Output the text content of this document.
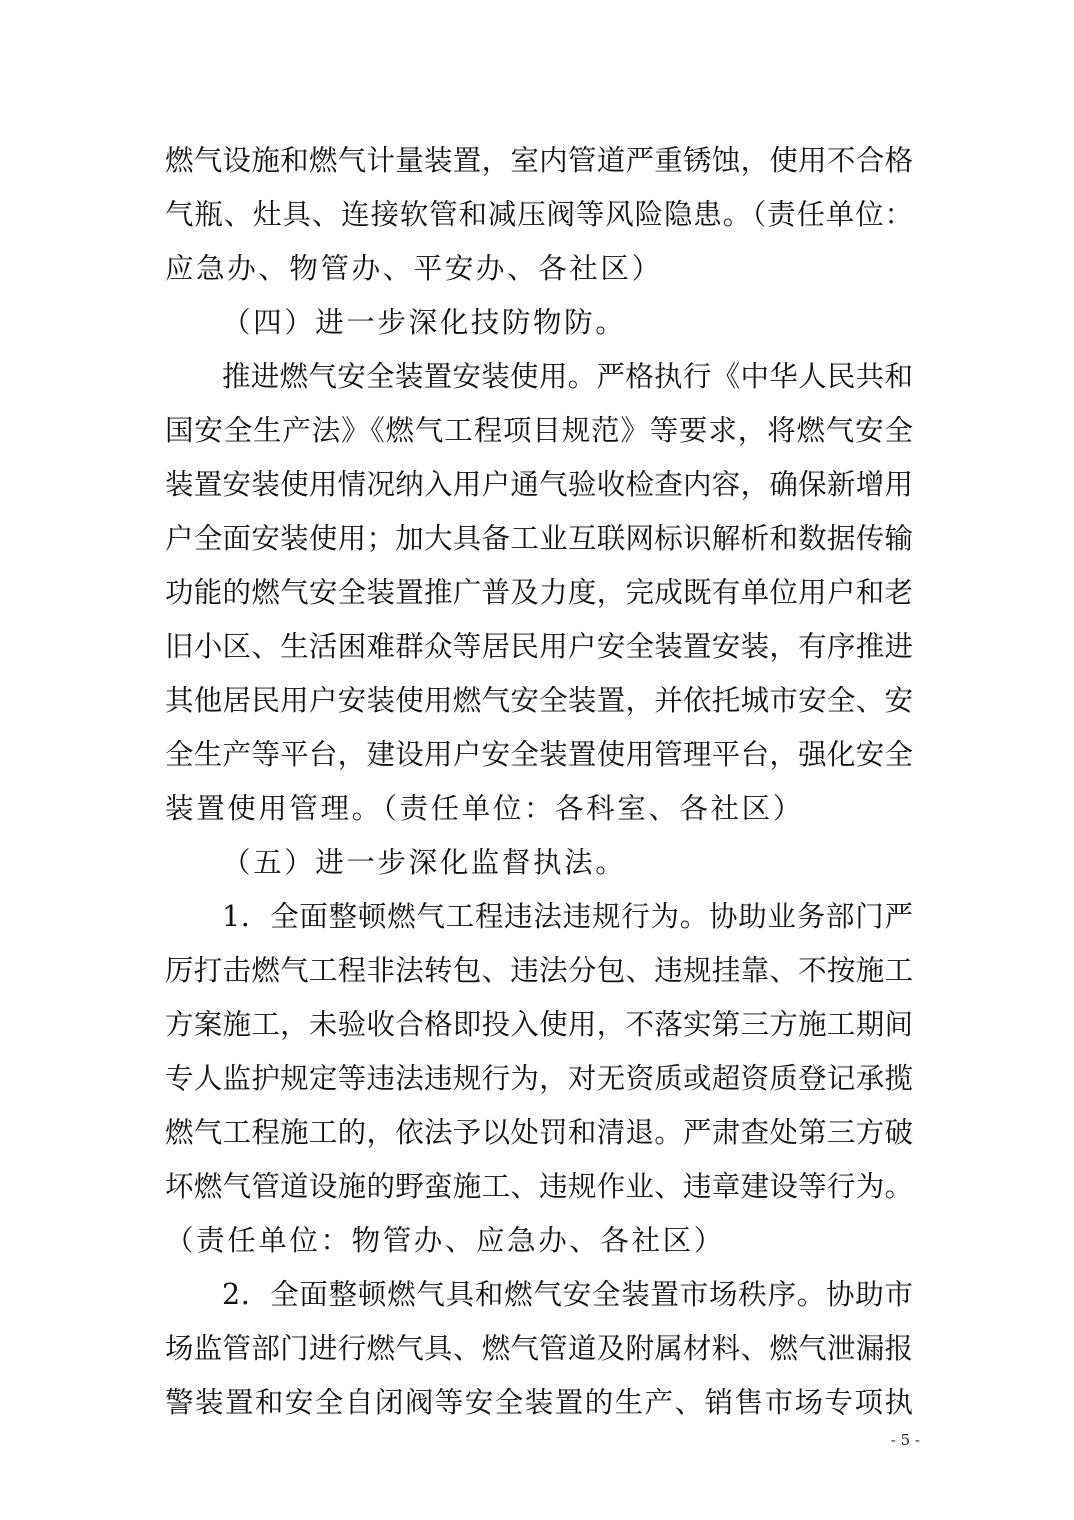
燃气设施和燃气计量装置，室内管道严重锈蚀，使用不合格
气瓶、灶具、连接软管和减压阀等风险隐患。（责任单位：
应急办、物管办、平安办、各社区）
（四）进一步深化技防物防。
推进燃气安全装置安装使用。严格执行《中华人民共和
国安全生产法》《燃气工程项目规范》等要求，将燃气安全
装置安装使用情况纳入用户通气验收检查内容，确保新增用
户全面安装使用；加大具备工业互联网标识解析和数据传输
功能的燃气安全装置推广普及力度，完成既有单位用户和老
旧小区、生活困难群众等居民用户安全装置安装，有序推进
其他居民用户安装使用燃气安全装置，并依托城市安全、安
全生产等平台，建设用户安全装置使用管理平台，强化安全
装置使用管理。（责任单位：各科室、各社区）
（五）进一步深化监督执法。
1．全面整顿燃气工程违法违规行为。协助业务部门严
厉打击燃气工程非法转包、违法分包、违规挂靠、不按施工
方案施工，未验收合格即投入使用，不落实第三方施工期间
专人监护规定等违法违规行为，对无资质或超资质登记承揽
燃气工程施工的，依法予以处罚和清退。严肃查处第三方破
坏燃气管道设施的野蛮施工、违规作业、违章建设等行为。
（责任单位：物管办、应急办、各社区）
2．全面整顿燃气具和燃气安全装置市场秩序。协助市
场监管部门进行燃气具、燃气管道及附属材料、燃气泄漏报
警装置和安全自闭阀等安全装置的生产、销售市场专项执
- 5 -
